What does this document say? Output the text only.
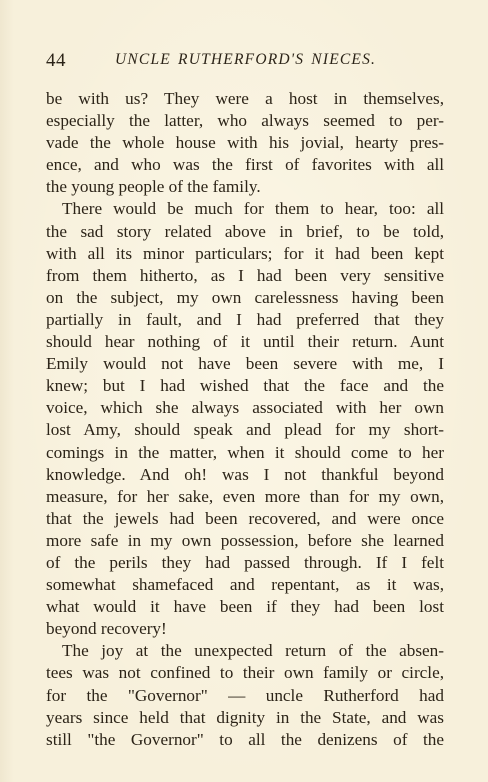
44	UNCLE RUTHERFORD'S NIECES.
be with us? They were a host in themselves,
especially the latter, who always seemed to per-
vade the whole house with his jovial, hearty pres-
ence, and who was the first of favorites with all
the young people of the family.
There would be much for them to hear, too: all
the sad story related above in brief, to be told,
with all its minor particulars; for it had been kept
from them hitherto, as I had been very sensitive
on the subject, my own carelessness having been
partially in fault, and I had preferred that they
should hear nothing of it until their return. Aunt
Emily would not have been severe with me, I
knew; but I had wished that the face and the
voice, which she always associated with her own
lost Amy, should speak and plead for my short-
comings in the matter, when it should come to her
knowledge. And oh! was I not thankful beyond
measure, for her sake, even more than for my own,
that the jewels had been recovered, and were once
more safe in my own possession, before she learned
of the perils they had passed through. If I felt
somewhat shamefaced and repentant, as it was,
what would it have been if they had been lost
beyond recovery!
The joy at the unexpected return of the absen-
tees was not confined to their own family or circle,
for the "Governor" — uncle Rutherford had
years since held that dignity in the State, and was
still "the Governor" to all the denizens of the
